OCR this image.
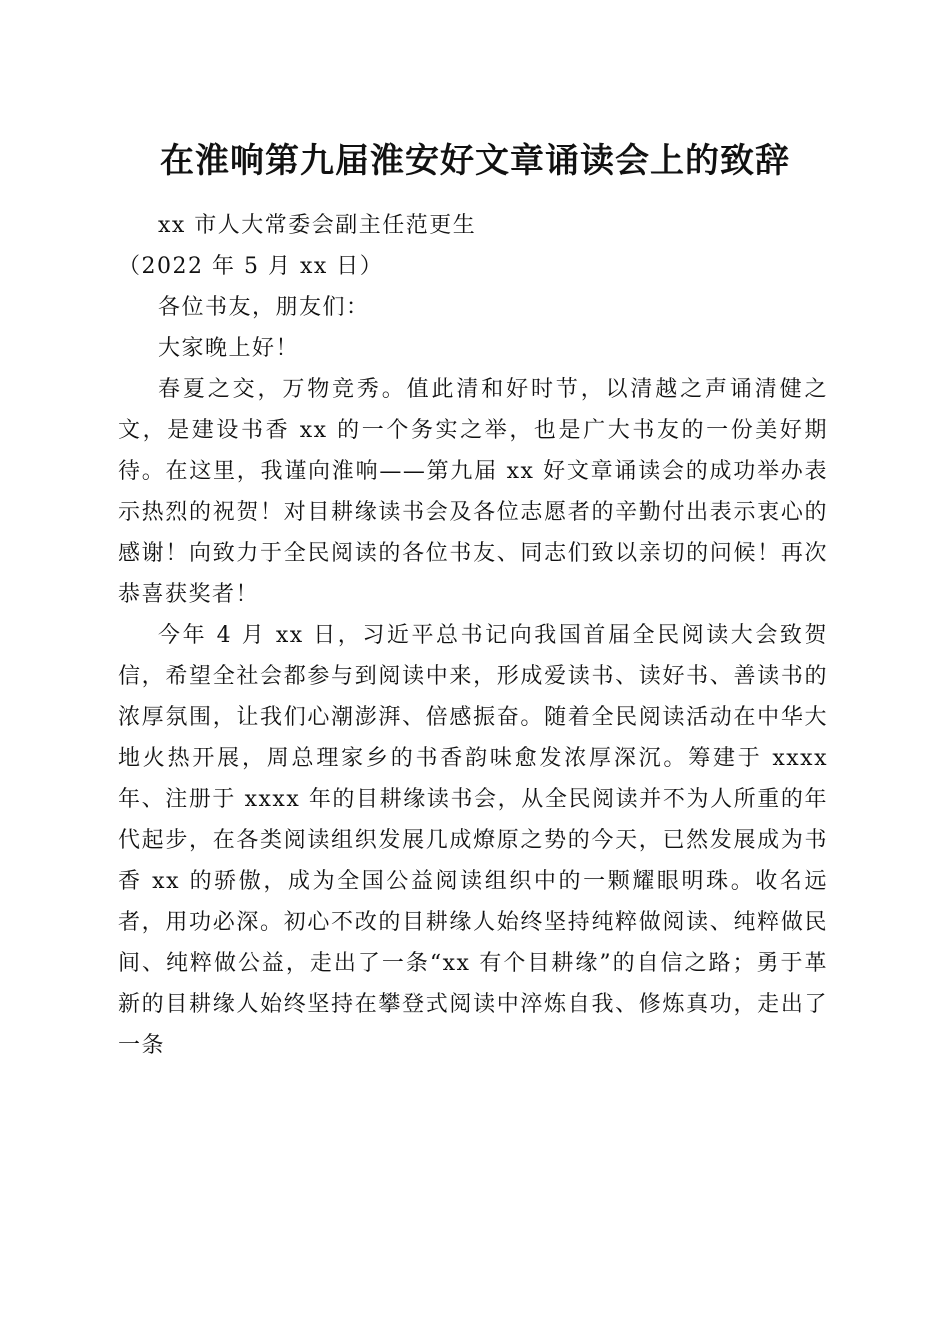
在淮响第九届淮安好文章诵读会上的致辞

xx 市人大常委会副主任范更生

（2022 年 5 月 xx 日）

各位书友，朋友们：

大家晚上好！

春夏之交，万物竞秀。值此清和好时节，以清越之声诵清健之文，是建设书香 xx 的一个务实之举，也是广大书友的一份美好期待。在这里，我谨向淮响——第九届 xx 好文章诵读会的成功举办表示热烈的祝贺！对目耕缘读书会及各位志愿者的辛勤付出表示衷心的感谢！向致力于全民阅读的各位书友、同志们致以亲切的问候！再次恭喜获奖者！

今年 4 月 xx 日，习近平总书记向我国首届全民阅读大会致贺信，希望全社会都参与到阅读中来，形成爱读书、读好书、善读书的浓厚氛围，让我们心潮澎湃、倍感振奋。随着全民阅读活动在中华大地火热开展，周总理家乡的书香韵味愈发浓厚深沉。筹建于 xxxx 年、注册于 xxxx 年的目耕缘读书会，从全民阅读并不为人所重的年代起步，在各类阅读组织发展几成燎原之势的今天，已然发展成为书香 xx 的骄傲，成为全国公益阅读组织中的一颗耀眼明珠。收名远者，用功必深。初心不改的目耕缘人始终坚持纯粹做阅读、纯粹做民间、纯粹做公益，走出了一条“xx 有个目耕缘”的自信之路；勇于革新的目耕缘人始终坚持在攀登式阅读中淬炼自我、修炼真功，走出了一条
